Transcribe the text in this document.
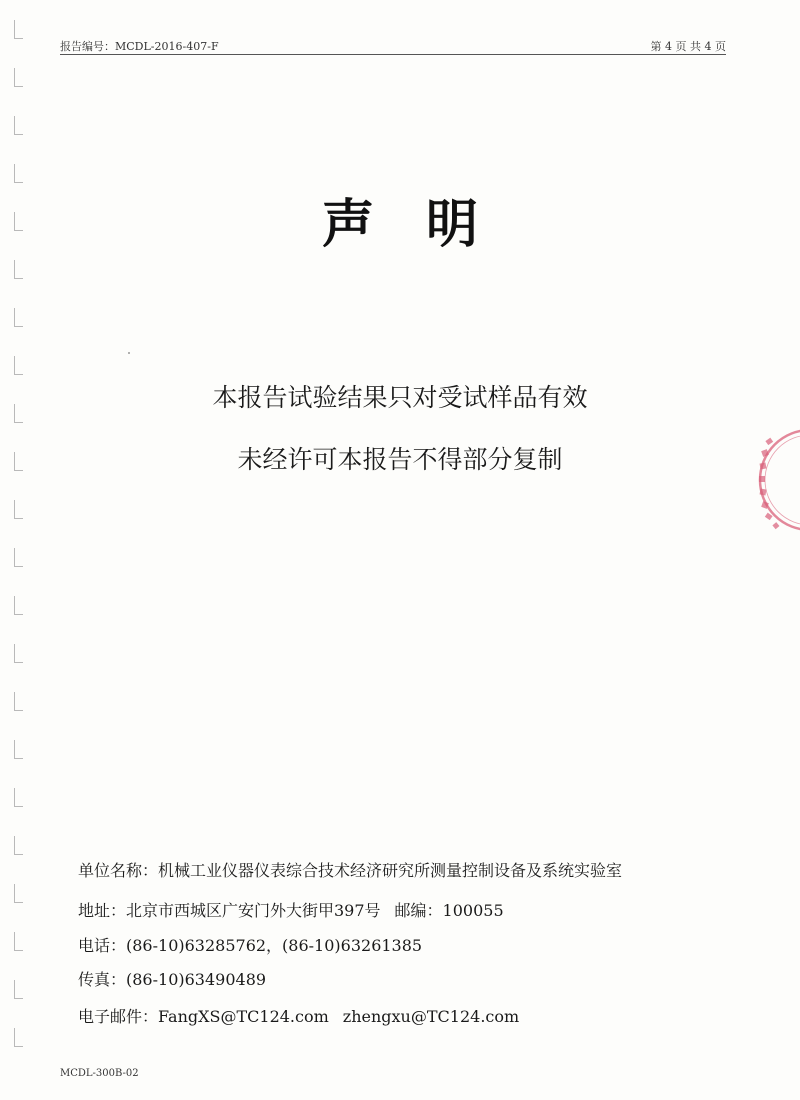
报告编号：MCDL-2016-407-F	第 4 页 共 4 页
声明
本报告试验结果只对受试样品有效
未经许可本报告不得部分复制
单位名称：机械工业仪器仪表综合技术经济研究所测量控制设备及系统实验室
地址：北京市西城区广安门外大街甲397号 邮编：100055
电话：(86-10)63285762，(86-10)63261385
传真：(86-10)63490489
电子邮件：FangXS@TC124.com zhengxu@TC124.com
MCDL-300B-02
